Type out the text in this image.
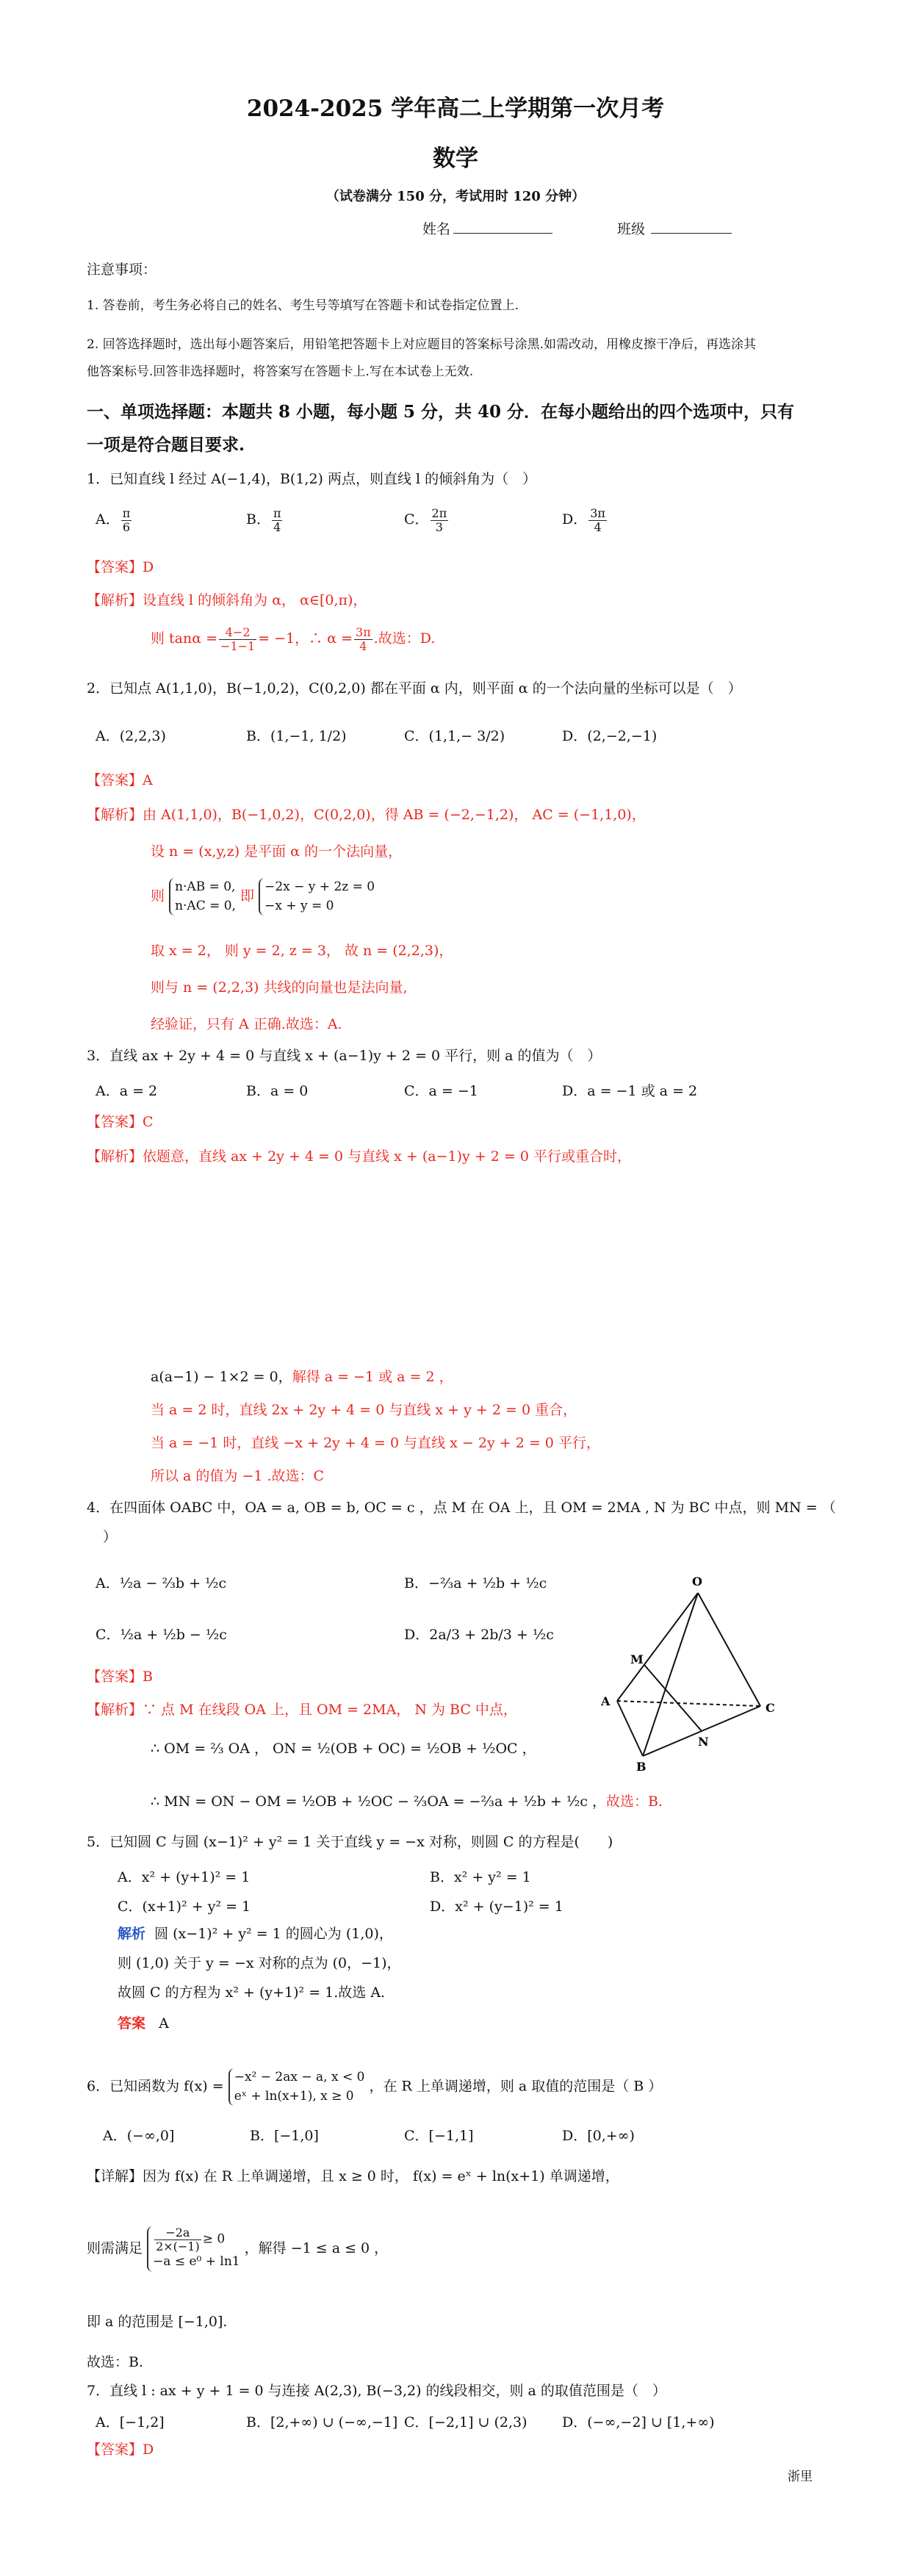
2024-2025 学年高二上学期第一次月考
数学
（试卷满分 150 分，考试用时 120 分钟）
姓名	班级
注意事项：
1. 答卷前，考生务必将自己的姓名、考生号等填写在答题卡和试卷指定位置上.
2. 回答选择题时，选出每小题答案后，用铅笔把答题卡上对应题目的答案标号涂黑.如需改动，用橡皮擦干净后，再选涂其
他答案标号.回答非选择题时，将答案写在答题卡上.写在本试卷上无效.
一、单项选择题：本题共 8 小题，每小题 5 分，共 40 分．在每小题给出的四个选项中，只有
一项是符合题目要求.
1．已知直线 l 经过 A(−1,4)，B(1,2) 两点，则直线 l 的倾斜角为（　）
A． $\frac{\pi}{6}$	B． $\frac{\pi}{4}$	C． $\frac{2\pi}{3}$	D． $\frac{3\pi}{4}$
【答案】D
【解析】设直线 l 的倾斜角为 α， α∈[0,π)，
则 $\tan\alpha = \frac{4-2}{-1-1} = -1$，∴ $\alpha = \frac{3\pi}{4}$ .故选：D.
2．已知点 A(1,1,0)，B(−1,0,2)，C(0,2,0) 都在平面 α 内，则平面 α 的一个法向量的坐标可以是（　）
A．(2,2,3)	B．(1,−1, 1/2)	C．(1,1,− 3/2)	D．(2,−2,−1)
【答案】A
【解析】由 A(1,1,0)，B(−1,0,2)，C(0,2,0)，得 AB = (−2,−1,2)， AC = (−1,1,0)，
设 n = (x,y,z) 是平面 α 的一个法向量，
则 n·AB = 0,
n·AC = 0, 即 −2x − y + 2z = 0
−x + y = 0
取 x = 2， 则 y = 2, z = 3， 故 n = (2,2,3)，
则与 n = (2,2,3) 共线的向量也是法向量,
经验证，只有 A 正确.故选：A.
3．直线 ax + 2y + 4 = 0 与直线 x + (a−1)y + 2 = 0 平行，则 a 的值为（　）
A．a = 2	B．a = 0	C．a = −1	D．a = −1 或 a = 2
【答案】C
【解析】依题意，直线 ax + 2y + 4 = 0 与直线 x + (a−1)y + 2 = 0 平行或重合时，
a(a−1) − 1×2 = 0，解得 a = −1 或 a = 2 ，
当 a = 2 时，直线 2x + 2y + 4 = 0 与直线 x + y + 2 = 0 重合，
当 a = −1 时，直线 −x + 2y + 4 = 0 与直线 x − 2y + 2 = 0 平行，
所以 a 的值为 −1 .故选：C
4．在四面体 OABC 中，OA = a, OB = b, OC = c ，点 M 在 OA 上，且 OM = 2MA , N 为 BC 中点，则 MN = （
）
A．½a − ⅔b + ½c	B．−⅔a + ½b + ½c
C．½a + ½b − ½c	D．2a/3 + 2b/3 + ½c
【答案】B
【解析】∵ 点 M 在线段 OA 上，且 OM = 2MA， N 为 BC 中点，
∴ OM = ⅔ OA ， ON = ½(OB + OC) = ½OB + ½OC ，
∴ MN = ON − OM = ½OB + ½OC − ⅔OA = −⅔a + ½b + ½c ，故选：B.
O
M
A
B
N
C
5．已知圆 C 与圆 (x−1)² + y² = 1 关于直线 y = −x 对称，则圆 C 的方程是(　　)
A．x² + (y+1)² = 1	B．x² + y² = 1
C．(x+1)² + y² = 1	D．x² + (y−1)² = 1
解析 圆 (x−1)² + y² = 1 的圆心为 (1,0)，
则 (1,0) 关于 y = −x 对称的点为 (0，−1)，
故圆 C 的方程为 x² + (y+1)² = 1.故选 A.
答案 A
6．已知函数为 f(x) = −x² − 2ax − a, x < 0
eˣ + ln(x+1), x ≥ 0 ，在 R 上单调递增，则 a 取值的范围是（ B ）
A．(−∞,0]	B．[−1,0]	C．[−1,1]	D．[0,+∞)
【详解】因为 f(x) 在 R 上单调递增，且 x ≥ 0 时， f(x) = eˣ + ln(x+1) 单调递增，
则需满足 $\frac{-2a}{2\times(-1)} \ge 0$
−a ≤ e⁰ + ln1 ，解得 −1 ≤ a ≤ 0 ，
即 a 的范围是 [−1,0].
故选：B.
7．直线 l : ax + y + 1 = 0 与连接 A(2,3), B(−3,2) 的线段相交，则 a 的取值范围是（　）
A．[−1,2]	B．[2,+∞) ∪ (−∞,−1] C．[−2,1] ∪ (2,3) D．(−∞,−2] ∪ [1,+∞)
【答案】D
浙里
